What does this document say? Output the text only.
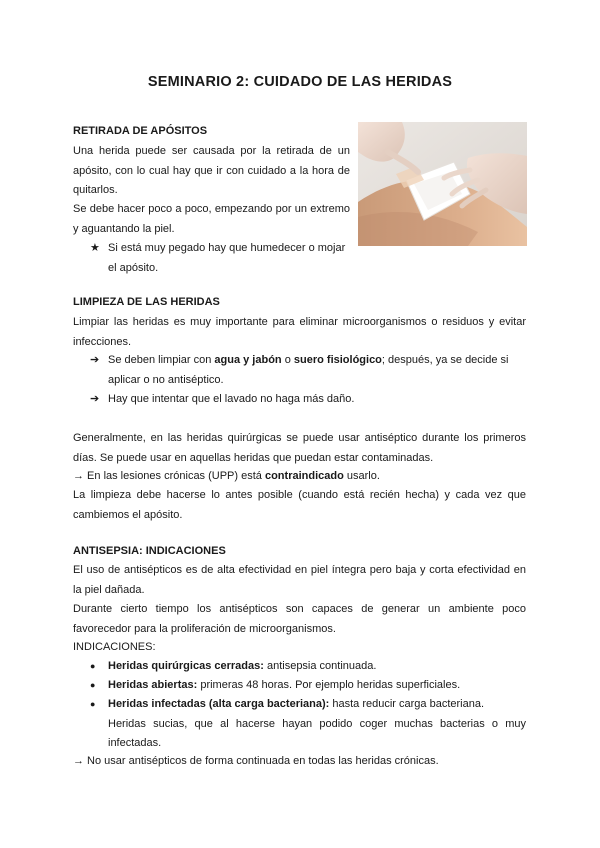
SEMINARIO 2: CUIDADO DE LAS HERIDAS
RETIRADA DE APÓSITOS
Una herida puede ser causada por la retirada de un apósito, con lo cual hay que ir con cuidado a la hora de quitarlos.
Se debe hacer poco a poco, empezando por un extremo y aguantando la piel.
★ Si está muy pegado hay que humedecer o mojar el apósito.
LIMPIEZA DE LAS HERIDAS
Limpiar las heridas es muy importante para eliminar microorganismos o residuos y evitar infecciones.
➔ Se deben limpiar con agua y jabón o suero fisiológico; después, ya se decide si aplicar o no antiséptico.
➔ Hay que intentar que el lavado no haga más daño.
Generalmente, en las heridas quirúrgicas se puede usar antiséptico durante los primeros días. Se puede usar en aquellas heridas que puedan estar contaminadas.
→ En las lesiones crónicas (UPP) está contraindicado usarlo.
La limpieza debe hacerse lo antes posible (cuando está recién hecha) y cada vez que cambiemos el apósito.
ANTISEPSIA: INDICACIONES
El uso de antisépticos es de alta efectividad en piel íntegra pero baja y corta efectividad en la piel dañada.
Durante cierto tiempo los antisépticos son capaces de generar un ambiente poco favorecedor para la proliferación de microorganismos.
INDICACIONES:
● Heridas quirúrgicas cerradas: antisepsia continuada.
● Heridas abiertas: primeras 48 horas. Por ejemplo heridas superficiales.
● Heridas infectadas (alta carga bacteriana): hasta reducir carga bacteriana.
Heridas sucias, que al hacerse hayan podido coger muchas bacterias o muy infectadas.
→ No usar antisépticos de forma continuada en todas las heridas crónicas.
